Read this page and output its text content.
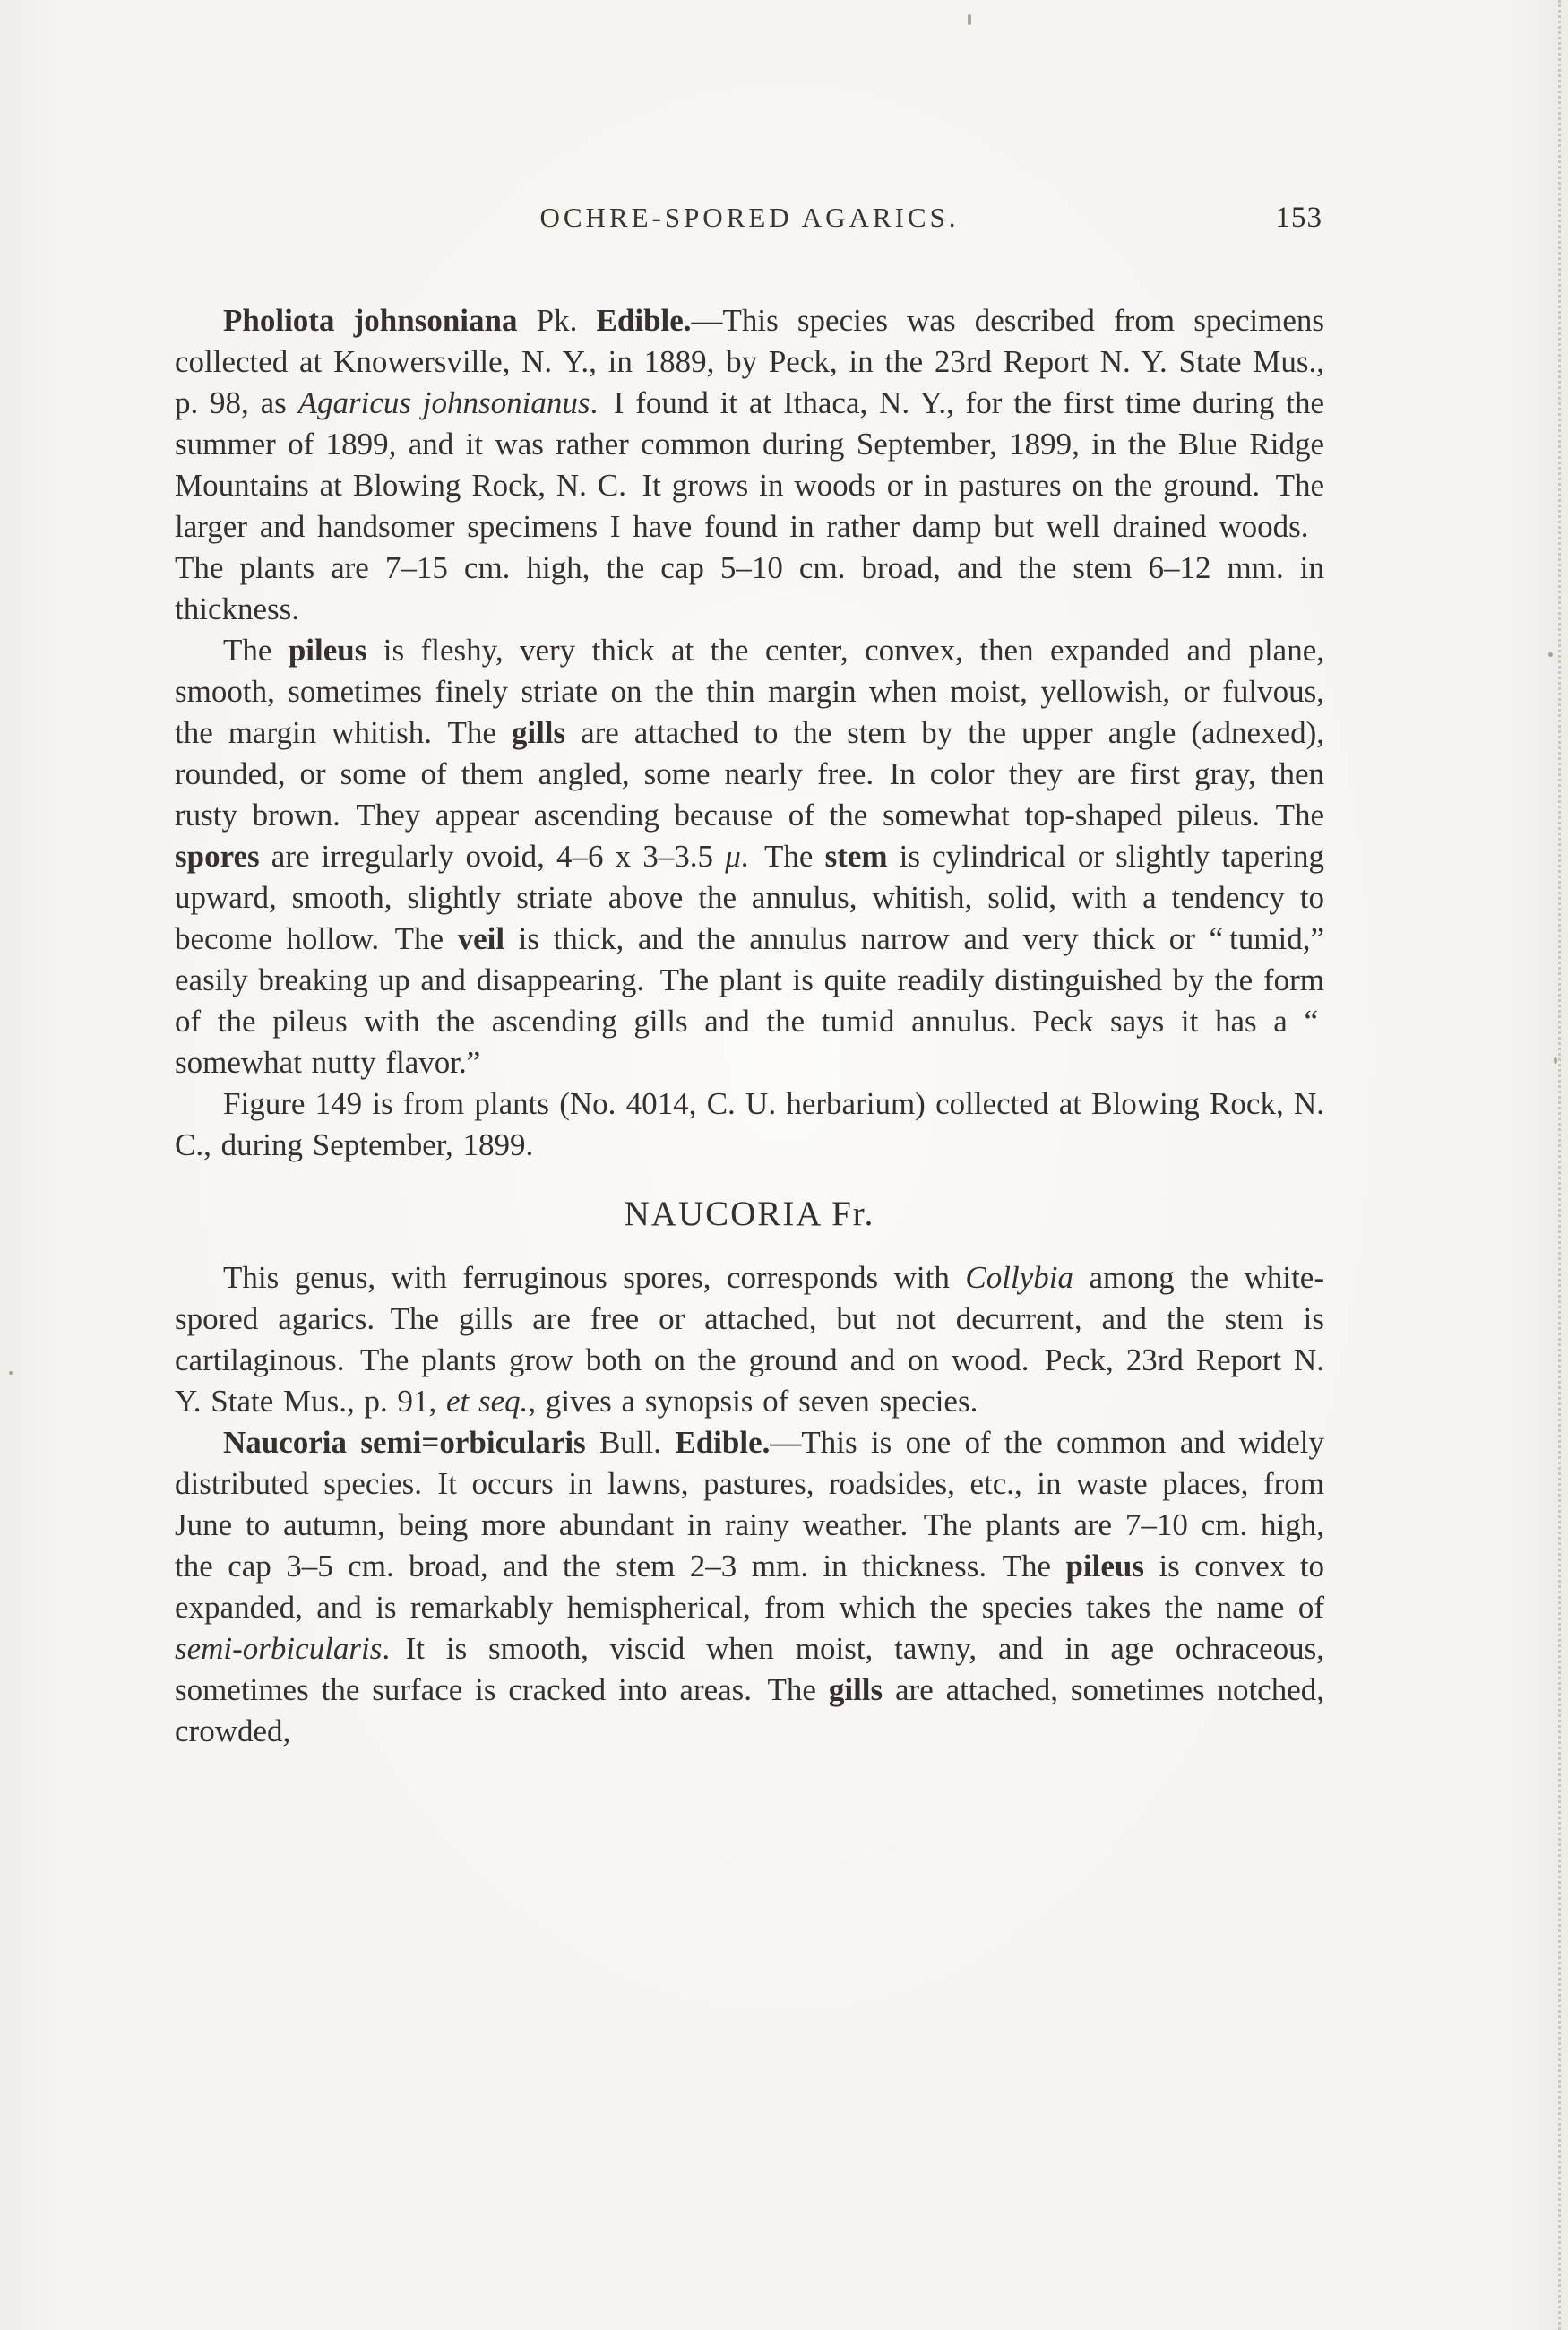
OCHRE-SPORED AGARICS.	153

Pholiota johnsoniana Pk. Edible.—This species was described from specimens collected at Knowersville, N. Y., in 1889, by Peck, in the 23rd Report N. Y. State Mus., p. 98, as Agaricus johnsonianus. I found it at Ithaca, N. Y., for the first time during the summer of 1899, and it was rather common during September, 1899, in the Blue Ridge Mountains at Blowing Rock, N. C. It grows in woods or in pastures on the ground. The larger and handsomer specimens I have found in rather damp but well drained woods. The plants are 7–15 cm. high, the cap 5–10 cm. broad, and the stem 6–12 mm. in thickness.

The pileus is fleshy, very thick at the center, convex, then expanded and plane, smooth, sometimes finely striate on the thin margin when moist, yellowish, or fulvous, the margin whitish. The gills are attached to the stem by the upper angle (adnexed), rounded, or some of them angled, some nearly free. In color they are first gray, then rusty brown. They appear ascending because of the somewhat top-shaped pileus. The spores are irregularly ovoid, 4–6 x 3–3.5 μ. The stem is cylindrical or slightly tapering upward, smooth, slightly striate above the annulus, whitish, solid, with a tendency to become hollow. The veil is thick, and the annulus narrow and very thick or “ tumid,” easily breaking up and disappearing. The plant is quite readily distinguished by the form of the pileus with the ascending gills and the tumid annulus. Peck says it has a “ somewhat nutty flavor.”

Figure 149 is from plants (No. 4014, C. U. herbarium) collected at Blowing Rock, N. C., during September, 1899.

NAUCORIA Fr.

This genus, with ferruginous spores, corresponds with Collybia among the white-spored agarics. The gills are free or attached, but not decurrent, and the stem is cartilaginous. The plants grow both on the ground and on wood. Peck, 23rd Report N. Y. State Mus., p. 91, et seq., gives a synopsis of seven species.

Naucoria semi=orbicularis Bull. Edible.—This is one of the common and widely distributed species. It occurs in lawns, pastures, roadsides, etc., in waste places, from June to autumn, being more abundant in rainy weather. The plants are 7–10 cm. high, the cap 3–5 cm. broad, and the stem 2–3 mm. in thickness. The pileus is convex to expanded, and is remarkably hemispherical, from which the species takes the name of semi-orbicularis. It is smooth, viscid when moist, tawny, and in age ochraceous, sometimes the surface is cracked into areas. The gills are attached, sometimes notched, crowded,
